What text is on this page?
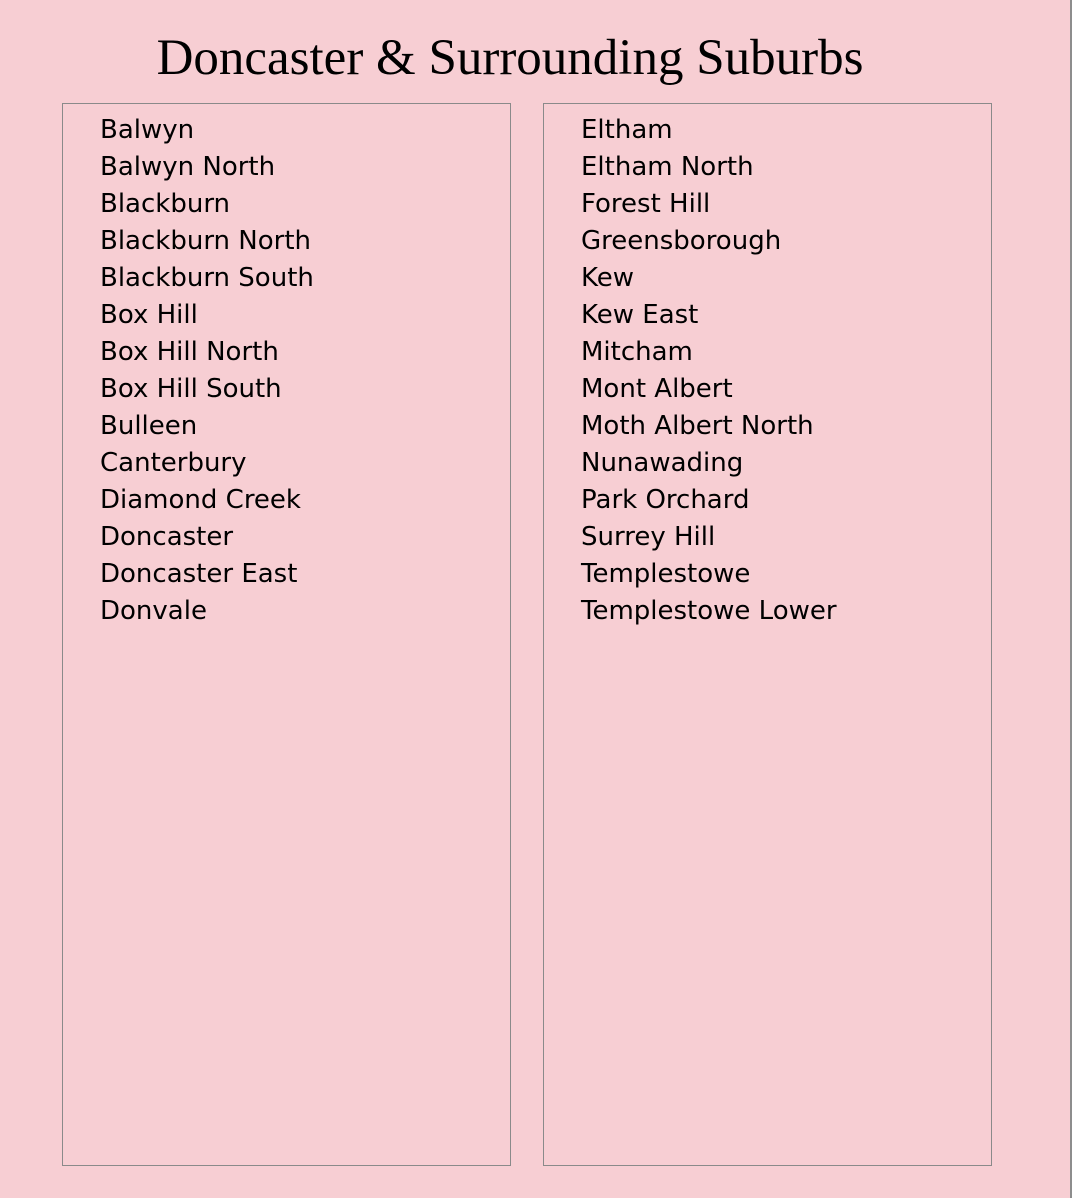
Doncaster & Surrounding Suburbs
Balwyn
Balwyn North
Blackburn
Blackburn North
Blackburn South
Box Hill
Box Hill North
Box Hill South
Bulleen
Canterbury
Diamond Creek
Doncaster
Doncaster East
Donvale
Eltham
Eltham North
Forest Hill
Greensborough
Kew
Kew East
Mitcham
Mont Albert
Moth Albert North
Nunawading
Park Orchard
Surrey Hill
Templestowe
Templestowe Lower
